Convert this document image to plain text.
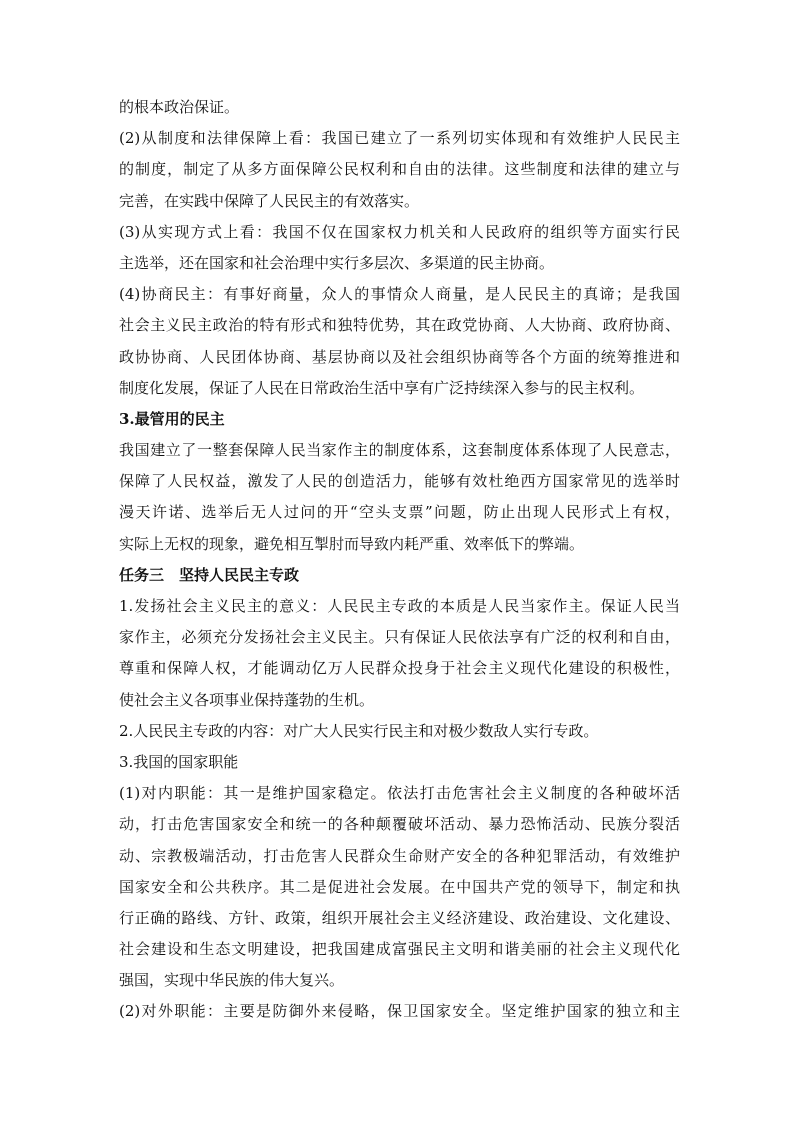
的根本政治保证。
(2)从制度和法律保障上看：我国已建立了一系列切实体现和有效维护人民民主
的制度，制定了从多方面保障公民权利和自由的法律。这些制度和法律的建立与
完善，在实践中保障了人民民主的有效落实。
(3)从实现方式上看：我国不仅在国家权力机关和人民政府的组织等方面实行民
主选举，还在国家和社会治理中实行多层次、多渠道的民主协商。
(4)协商民主：有事好商量，众人的事情众人商量，是人民民主的真谛；是我国
社会主义民主政治的特有形式和独特优势，其在政党协商、人大协商、政府协商、
政协协商、人民团体协商、基层协商以及社会组织协商等各个方面的统筹推进和
制度化发展，保证了人民在日常政治生活中享有广泛持续深入参与的民主权利。
3.最管用的民主
我国建立了一整套保障人民当家作主的制度体系，这套制度体系体现了人民意志，
保障了人民权益，激发了人民的创造活力，能够有效杜绝西方国家常见的选举时
漫天许诺、选举后无人过问的开“空头支票”问题，防止出现人民形式上有权，
实际上无权的现象，避免相互掣肘而导致内耗严重、效率低下的弊端。
任务三　坚持人民民主专政
1.发扬社会主义民主的意义：人民民主专政的本质是人民当家作主。保证人民当
家作主，必须充分发扬社会主义民主。只有保证人民依法享有广泛的权利和自由，
尊重和保障人权，才能调动亿万人民群众投身于社会主义现代化建设的积极性，
使社会主义各项事业保持蓬勃的生机。
2.人民民主专政的内容：对广大人民实行民主和对极少数敌人实行专政。
3.我国的国家职能
(1)对内职能：其一是维护国家稳定。依法打击危害社会主义制度的各种破坏活
动，打击危害国家安全和统一的各种颠覆破坏活动、暴力恐怖活动、民族分裂活
动、宗教极端活动，打击危害人民群众生命财产安全的各种犯罪活动，有效维护
国家安全和公共秩序。其二是促进社会发展。在中国共产党的领导下，制定和执
行正确的路线、方针、政策，组织开展社会主义经济建设、政治建设、文化建设、
社会建设和生态文明建设，把我国建成富强民主文明和谐美丽的社会主义现代化
强国，实现中华民族的伟大复兴。
(2)对外职能：主要是防御外来侵略，保卫国家安全。坚定维护国家的独立和主
